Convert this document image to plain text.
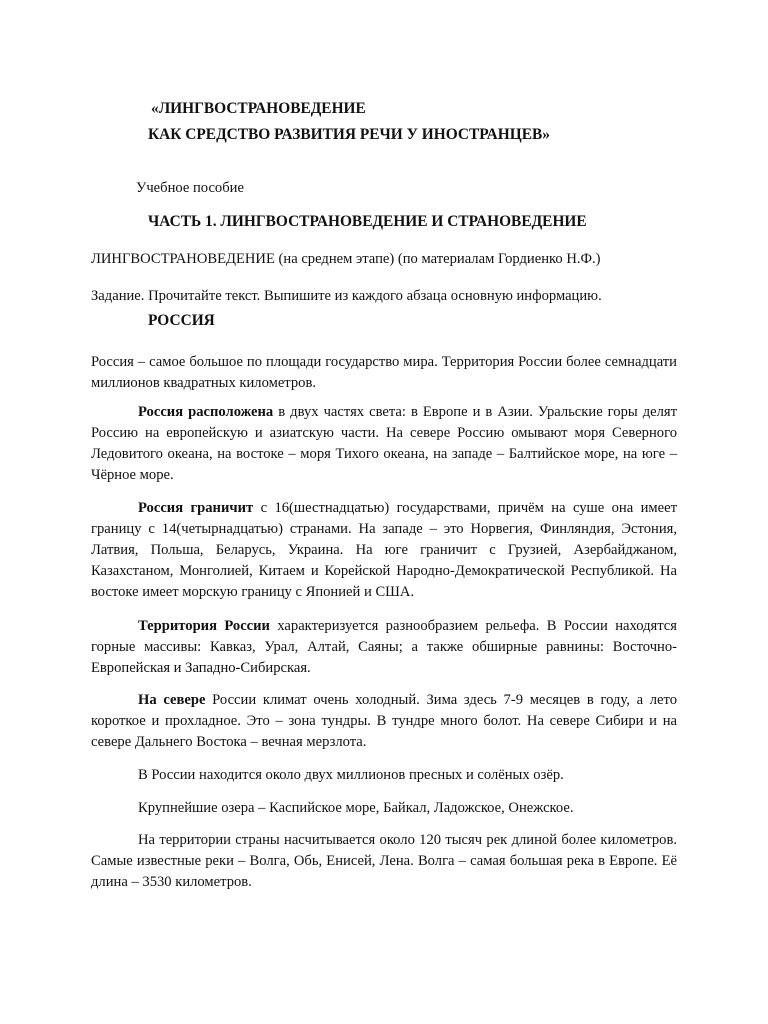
«ЛИНГВОСТРАНОВЕДЕНИЕ
КАК СРЕДСТВО РАЗВИТИЯ РЕЧИ У ИНОСТРАНЦЕВ»

Учебное пособие

ЧАСТЬ 1. ЛИНГВОСТРАНОВЕДЕНИЕ И СТРАНОВЕДЕНИЕ

ЛИНГВОСТРАНОВЕДЕНИЕ (на среднем этапе) (по материалам Гордиенко Н.Ф.)

Задание. Прочитайте текст. Выпишите из каждого абзаца основную информацию.

РОССИЯ

Россия – самое большое по площади государство мира. Территория России более семнадцати миллионов квадратных километров.

Россия расположена в двух частях света: в Европе и в Азии. Уральские горы делят Россию на европейскую и азиатскую части. На севере Россию омывают моря Северного Ледовитого океана, на востоке – моря Тихого океана, на западе – Балтийское море, на юге – Чёрное море.

Россия граничит с 16(шестнадцатью) государствами, причём на суше она имеет границу с 14(четырнадцатью) странами. На западе – это Норвегия, Финляндия, Эстония, Латвия, Польша, Беларусь, Украина. На юге граничит с Грузией, Азербайджаном, Казахстаном, Монголией, Китаем и Корейской Народно-Демократической Республикой. На востоке имеет морскую границу с Японией и США.

Территория России характеризуется разнообразием рельефа. В России находятся горные массивы: Кавказ, Урал, Алтай, Саяны; а также обширные равнины: Восточно-Европейская и Западно-Сибирская.

На севере России климат очень холодный. Зима здесь 7-9 месяцев в году, а лето короткое и прохладное. Это – зона тундры. В тундре много болот. На севере Сибири и на севере Дальнего Востока – вечная мерзлота.

В России находится около двух миллионов пресных и солёных озёр.

Крупнейшие озера – Каспийское море, Байкал, Ладожское, Онежское.

На территории страны насчитывается около 120 тысяч рек длиной более километров. Самые известные реки – Волга, Обь, Енисей, Лена. Волга – самая большая река в Европе. Её длина – 3530 километров.
